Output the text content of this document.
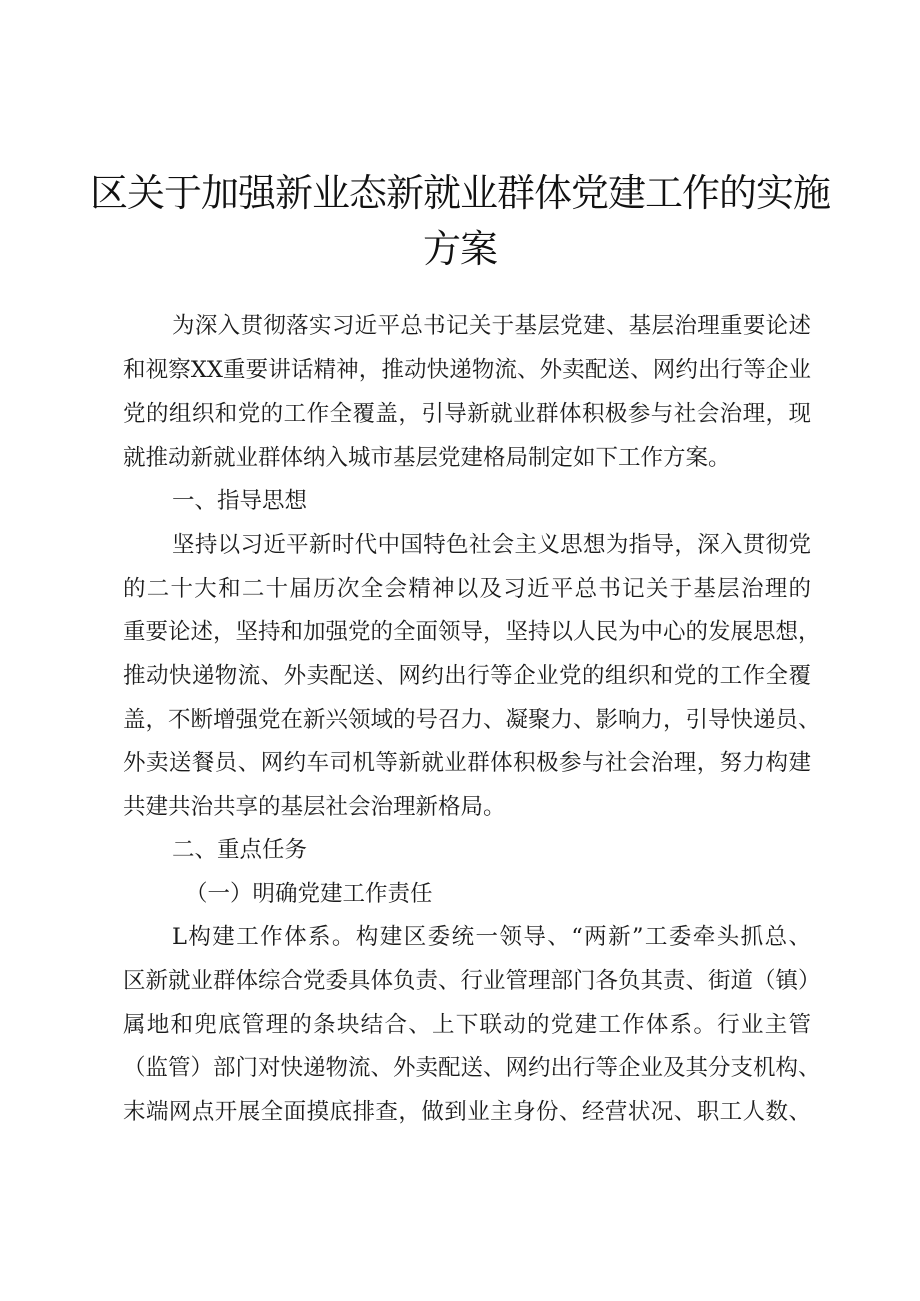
区关于加强新业态新就业群体党建工作的实施
方案
为深入贯彻落实习近平总书记关于基层党建、基层治理重要论述
和视察XX重要讲话精神，推动快递物流、外卖配送、网约出行等企业
党的组织和党的工作全覆盖，引导新就业群体积极参与社会治理，现
就推动新就业群体纳入城市基层党建格局制定如下工作方案。
一、指导思想
坚持以习近平新时代中国特色社会主义思想为指导，深入贯彻党
的二十大和二十届历次全会精神以及习近平总书记关于基层治理的
重要论述，坚持和加强党的全面领导，坚持以人民为中心的发展思想，
推动快递物流、外卖配送、网约出行等企业党的组织和党的工作全覆
盖，不断增强党在新兴领域的号召力、凝聚力、影响力，引导快递员、
外卖送餐员、网约车司机等新就业群体积极参与社会治理，努力构建
共建共治共享的基层社会治理新格局。
二、重点任务
（一）明确党建工作责任
L构建工作体系。构建区委统一领导、“两新”工委牵头抓总、
区新就业群体综合党委具体负责、行业管理部门各负其责、街道（镇）
属地和兜底管理的条块结合、上下联动的党建工作体系。行业主管
（监管）部门对快递物流、外卖配送、网约出行等企业及其分支机构、
末端网点开展全面摸底排查，做到业主身份、经营状况、职工人数、
